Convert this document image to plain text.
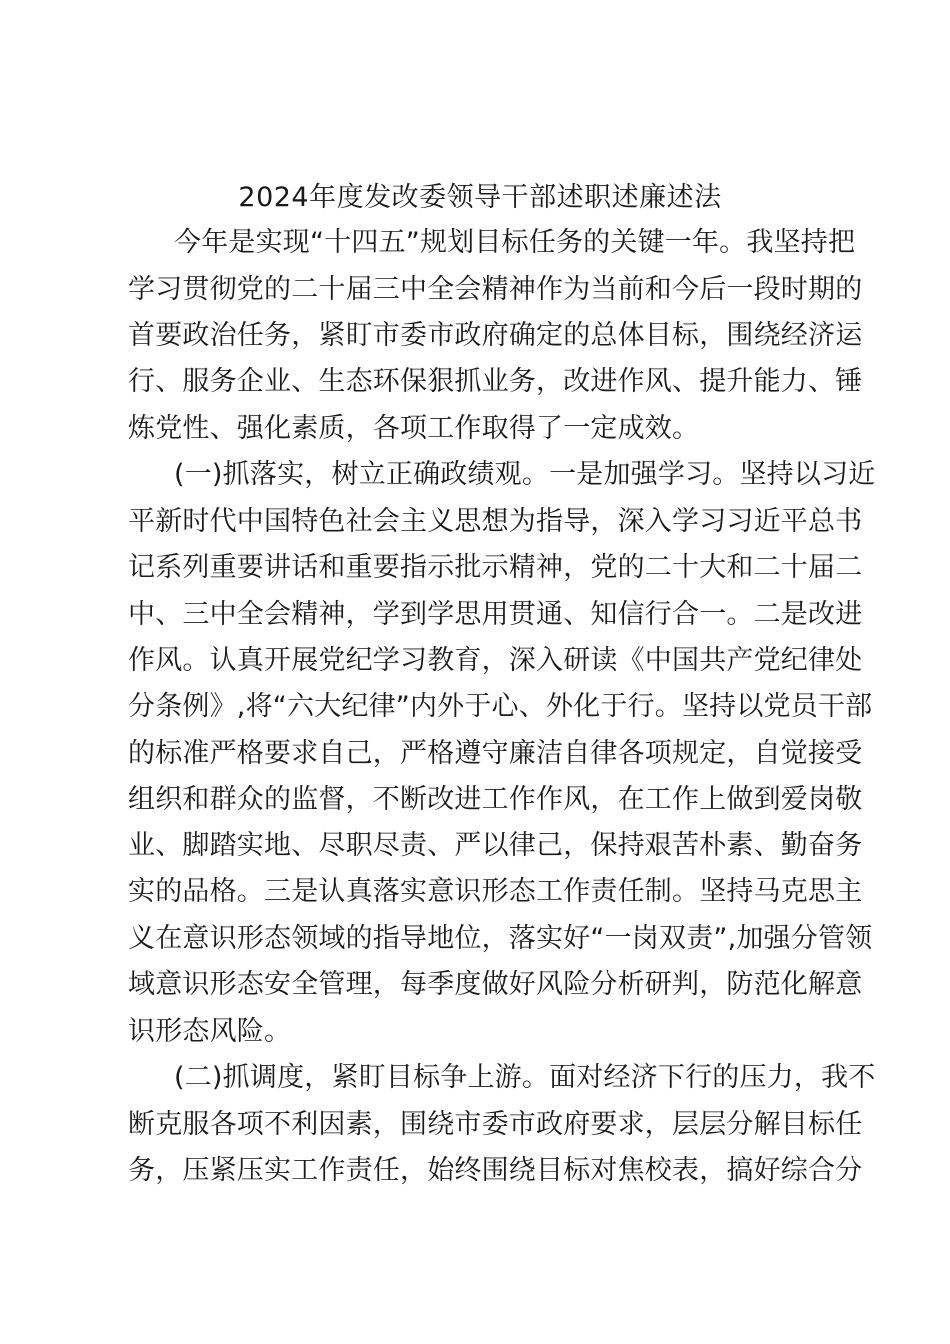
2024年度发改委领导干部述职述廉述法
今年是实现“十四五”规划目标任务的关键一年。我坚持把
学习贯彻党的二十届三中全会精神作为当前和今后一段时期的
首要政治任务，紧盯市委市政府确定的总体目标，围绕经济运
行、服务企业、生态环保狠抓业务，改进作风、提升能力、锤
炼党性、强化素质，各项工作取得了一定成效。
(一)抓落实，树立正确政绩观。一是加强学习。坚持以习近
平新时代中国特色社会主义思想为指导，深入学习习近平总书
记系列重要讲话和重要指示批示精神，党的二十大和二十届二
中、三中全会精神，学到学思用贯通、知信行合一。二是改进
作风。认真开展党纪学习教育，深入研读《中国共产党纪律处
分条例》,将“六大纪律”内外于心、外化于行。坚持以党员干部
的标准严格要求自己，严格遵守廉洁自律各项规定，自觉接受
组织和群众的监督，不断改进工作作风，在工作上做到爱岗敬
业、脚踏实地、尽职尽责、严以律己，保持艰苦朴素、勤奋务
实的品格。三是认真落实意识形态工作责任制。坚持马克思主
义在意识形态领域的指导地位，落实好“一岗双责”,加强分管领
域意识形态安全管理，每季度做好风险分析研判，防范化解意
识形态风险。
(二)抓调度，紧盯目标争上游。面对经济下行的压力，我不
断克服各项不利因素，围绕市委市政府要求，层层分解目标任
务，压紧压实工作责任，始终围绕目标对焦校表，搞好综合分
